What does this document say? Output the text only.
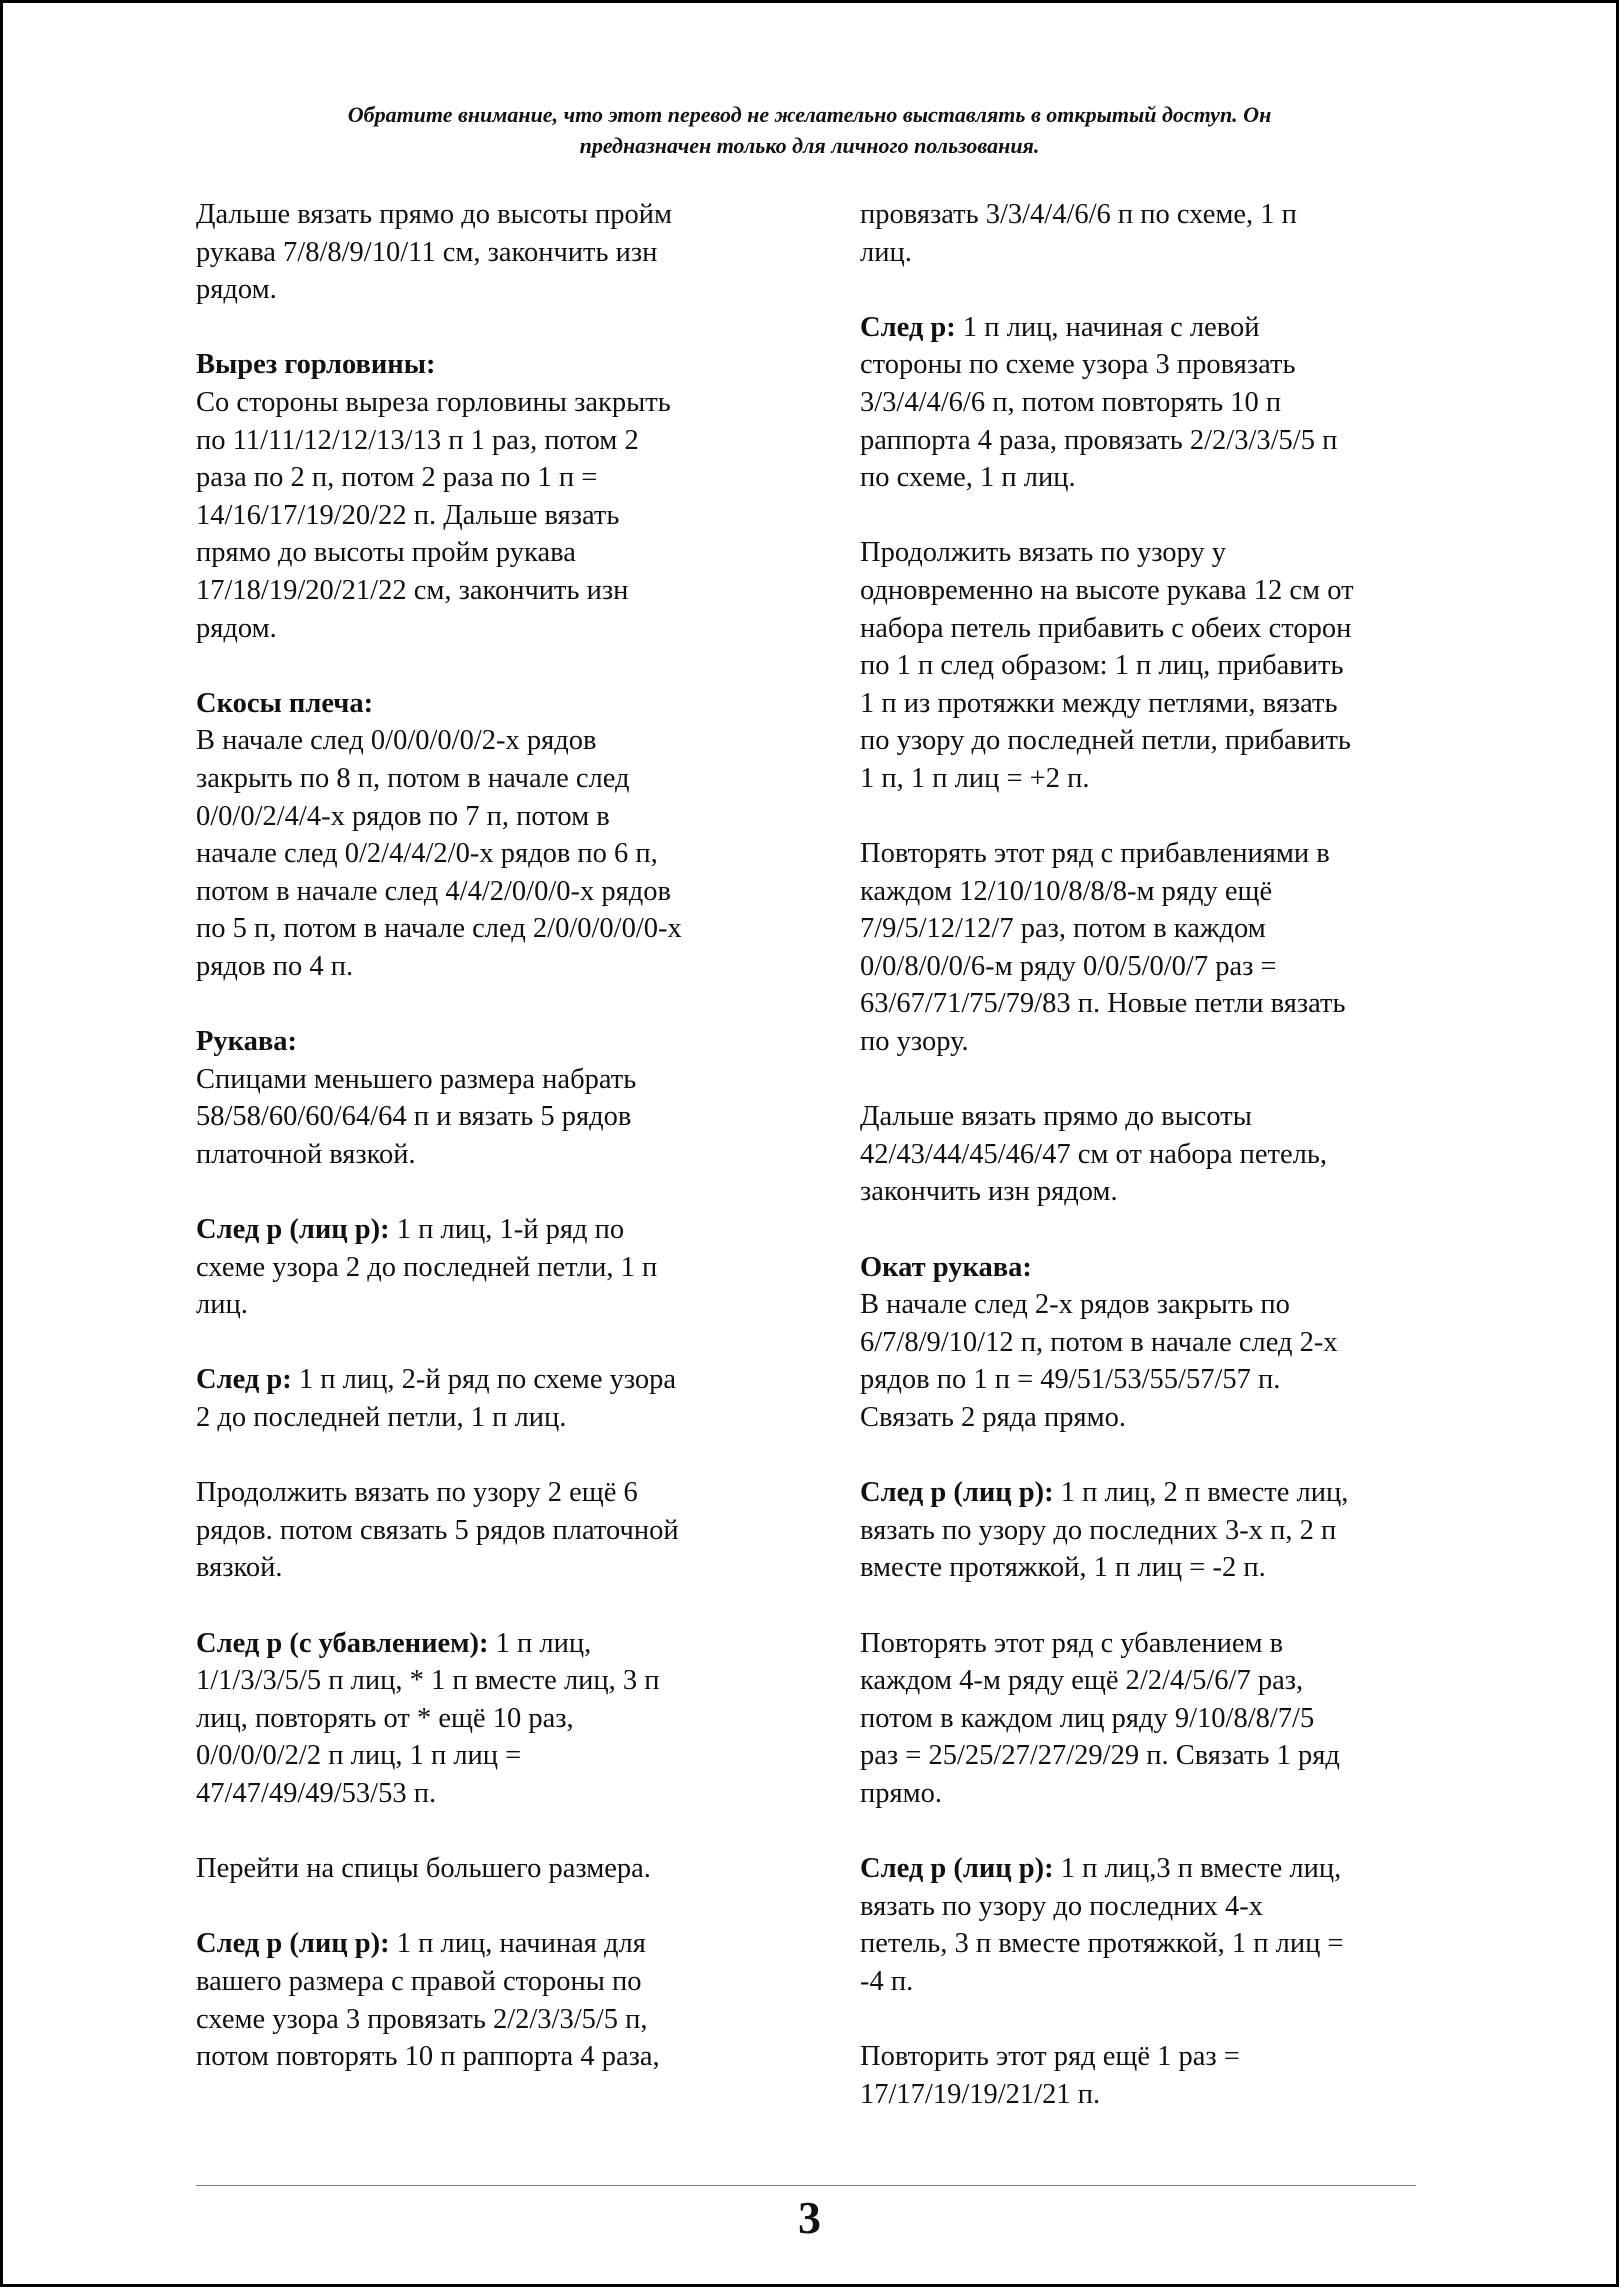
Обратите внимание, что этот перевод не желательно выставлять в открытый доступ. Он
предназначен только для личного пользования.

Дальше вязать прямо до высоты пройм

рукава 7/8/8/9/10/11 см, закончить изн

рядом.

Вырез горловины:

Со стороны выреза горловины закрыть

по 11/11/12/12/13/13 п 1 раз, потом 2

раза по 2 п, потом 2 раза по 1 п =

14/16/17/19/20/22 п. Дальше вязать

прямо до высоты пройм рукава

17/18/19/20/21/22 см, закончить изн

рядом.

Скосы плеча:

В начале след 0/0/0/0/0/2-х рядов

закрыть по 8 п, потом в начале след

0/0/0/2/4/4-х рядов по 7 п, потом в

начале след 0/2/4/4/2/0-х рядов по 6 п,

потом в начале след 4/4/2/0/0/0-х рядов

по 5 п, потом в начале след 2/0/0/0/0/0-х

рядов по 4 п.

Рукава:

Спицами меньшего размера набрать

58/58/60/60/64/64 п и вязать 5 рядов

платочной вязкой.

След р (лиц р): 1 п лиц, 1-й ряд по

схеме узора 2 до последней петли, 1 п

лиц.

След р: 1 п лиц, 2-й ряд по схеме узора

2 до последней петли, 1 п лиц.

Продолжить вязать по узору 2 ещё 6

рядов. потом связать 5 рядов платочной

вязкой.

След р (с убавлением): 1 п лиц,

1/1/3/3/5/5 п лиц, * 1 п вместе лиц, 3 п

лиц, повторять от * ещё 10 раз,

0/0/0/0/2/2 п лиц, 1 п лиц =

47/47/49/49/53/53 п.

Перейти на спицы большего размера.

След р (лиц р): 1 п лиц, начиная для

вашего размера с правой стороны по

схеме узора 3 провязать 2/2/3/3/5/5 п,

потом повторять 10 п раппорта 4 раза,

провязать 3/3/4/4/6/6 п по схеме, 1 п

лиц.

След р: 1 п лиц, начиная с левой

стороны по схеме узора 3 провязать

3/3/4/4/6/6 п, потом повторять 10 п

раппорта 4 раза, провязать 2/2/3/3/5/5 п

по схеме, 1 п лиц.

Продолжить вязать по узору у

одновременно на высоте рукава 12 см от

набора петель прибавить с обеих сторон

по 1 п след образом: 1 п лиц, прибавить

1 п из протяжки между петлями, вязать

по узору до последней петли, прибавить

1 п, 1 п лиц = +2 п.

Повторять этот ряд с прибавлениями в

каждом 12/10/10/8/8/8-м ряду ещё

7/9/5/12/12/7 раз, потом в каждом

0/0/8/0/0/6-м ряду 0/0/5/0/0/7 раз =

63/67/71/75/79/83 п. Новые петли вязать

по узору.

Дальше вязать прямо до высоты

42/43/44/45/46/47 см от набора петель,

закончить изн рядом.

Окат рукава:

В начале след 2-х рядов закрыть по

6/7/8/9/10/12 п, потом в начале след 2-х

рядов по 1 п = 49/51/53/55/57/57 п.

Связать 2 ряда прямо.

След р (лиц р): 1 п лиц, 2 п вместе лиц,

вязать по узору до последних 3-х п, 2 п

вместе протяжкой, 1 п лиц = -2 п.

Повторять этот ряд с убавлением в

каждом 4-м ряду ещё 2/2/4/5/6/7 раз,

потом в каждом лиц ряду 9/10/8/8/7/5

раз = 25/25/27/27/29/29 п. Связать 1 ряд

прямо.

След р (лиц р): 1 п лиц,3 п вместе лиц,

вязать по узору до последних 4-х

петель, 3 п вместе протяжкой, 1 п лиц =

-4 п.

Повторить этот ряд ещё 1 раз =

17/17/19/19/21/21 п.

3
